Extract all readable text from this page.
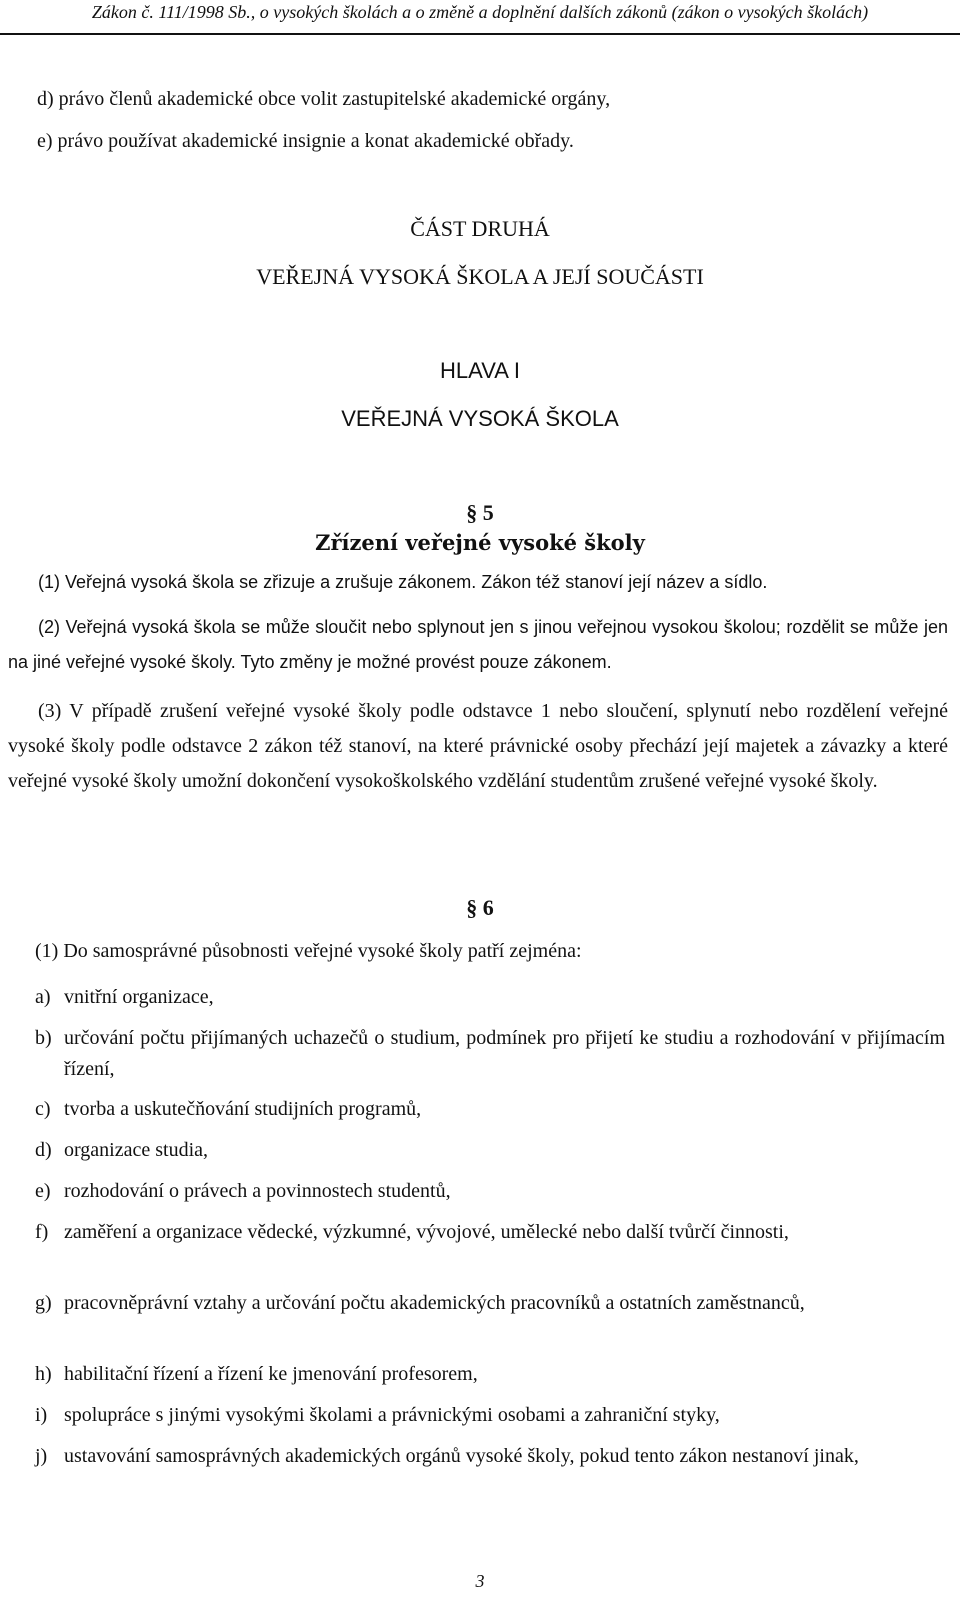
Zákon č. 111/1998 Sb., o vysokých školách a o změně a doplnění dalších zákonů (zákon o vysokých školách)
d) právo členů akademické obce volit zastupitelské akademické orgány,
e) právo používat akademické insignie a konat akademické obřady.
ČÁST DRUHÁ
VEŘEJNÁ VYSOKÁ ŠKOLA A JEJÍ SOUČÁSTI
HLAVA I
VEŘEJNÁ VYSOKÁ ŠKOLA
§ 5
Zřízení veřejné vysoké školy
(1) Veřejná vysoká škola se zřizuje a zrušuje zákonem. Zákon též stanoví její název a sídlo.
(2) Veřejná vysoká škola se může sloučit nebo splynout jen s jinou veřejnou vysokou školou; rozdělit se může jen na jiné veřejné vysoké školy. Tyto změny je možné provést pouze zákonem.
(3) V případě zrušení veřejné vysoké školy podle odstavce 1 nebo sloučení, splynutí nebo rozdělení veřejné vysoké školy podle odstavce 2 zákon též stanoví, na které právnické osoby přechází její majetek a závazky a které veřejné vysoké školy umožní dokončení vysokoškolského vzdělání studentům zrušené veřejné vysoké školy.
§ 6
(1) Do samosprávné působnosti veřejné vysoké školy patří zejména:
a) vnitřní organizace,
b) určování počtu přijímaných uchazečů o studium, podmínek pro přijetí ke studiu a rozhodování v přijímacím řízení,
c) tvorba a uskutečňování studijních programů,
d) organizace studia,
e) rozhodování o právech a povinnostech studentů,
f) zaměření a organizace vědecké, výzkumné, vývojové, umělecké nebo další tvůrčí činnosti,
g) pracovněprávní vztahy a určování počtu akademických pracovníků a ostatních zaměstnanců,
h) habilitační řízení a řízení ke jmenování profesorem,
i) spolupráce s jinými vysokými školami a právnickými osobami a zahraniční styky,
j) ustavování samosprávných akademických orgánů vysoké školy, pokud tento zákon nestanoví jinak,
3
